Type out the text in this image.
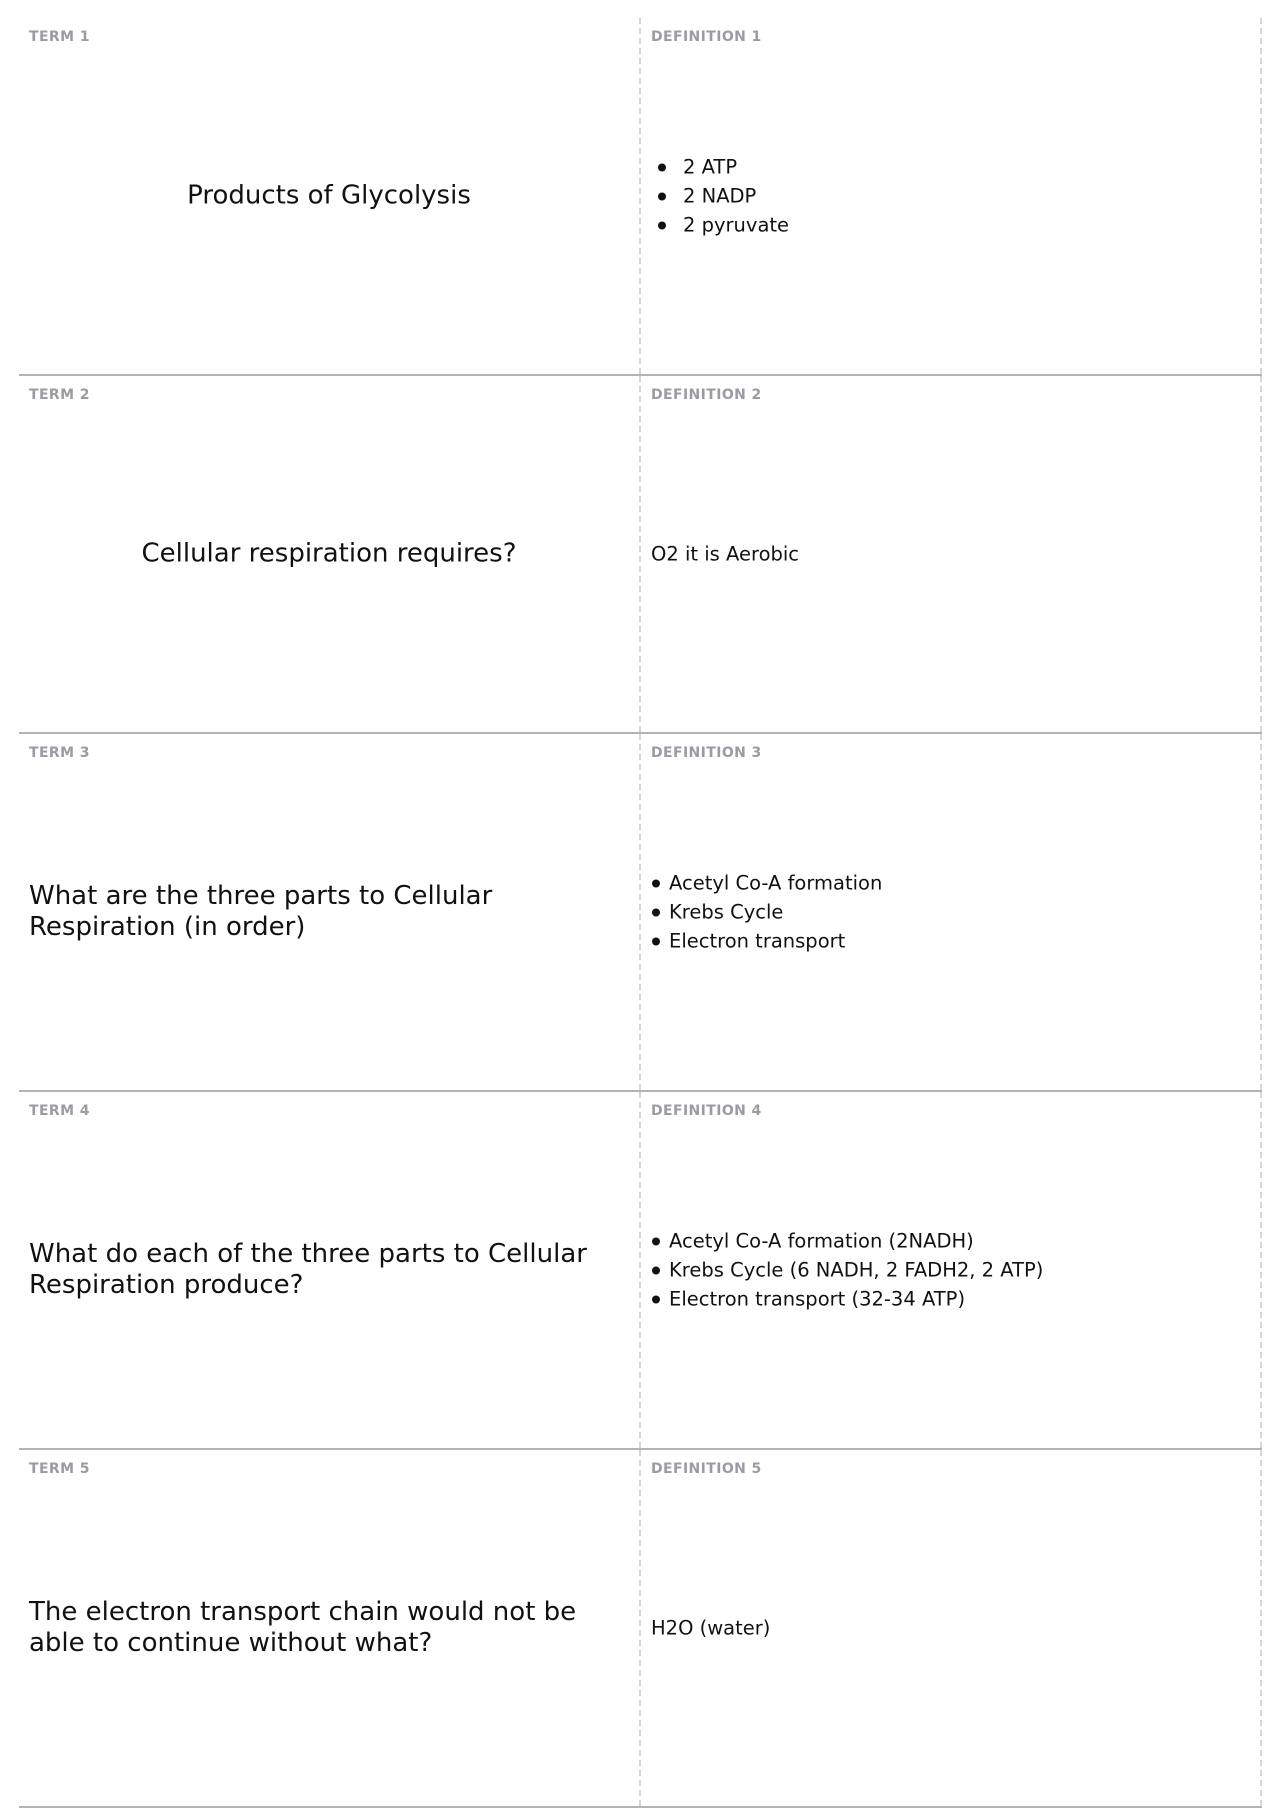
TERM 1
Products of Glycolysis
DEFINITION 1
2 ATP
2 NADP
2 pyruvate
TERM 2
Cellular respiration requires?
DEFINITION 2
O2 it is Aerobic
TERM 3
What are the three parts to Cellular Respiration (in order)
DEFINITION 3
Acetyl Co-A formation
Krebs Cycle
Electron transport
TERM 4
What do each of the three parts to Cellular Respiration produce?
DEFINITION 4
Acetyl Co-A formation (2NADH)
Krebs Cycle (6 NADH, 2 FADH2, 2 ATP)
Electron transport (32-34 ATP)
TERM 5
The electron transport chain would not be able to continue without what?
DEFINITION 5
H2O (water)
